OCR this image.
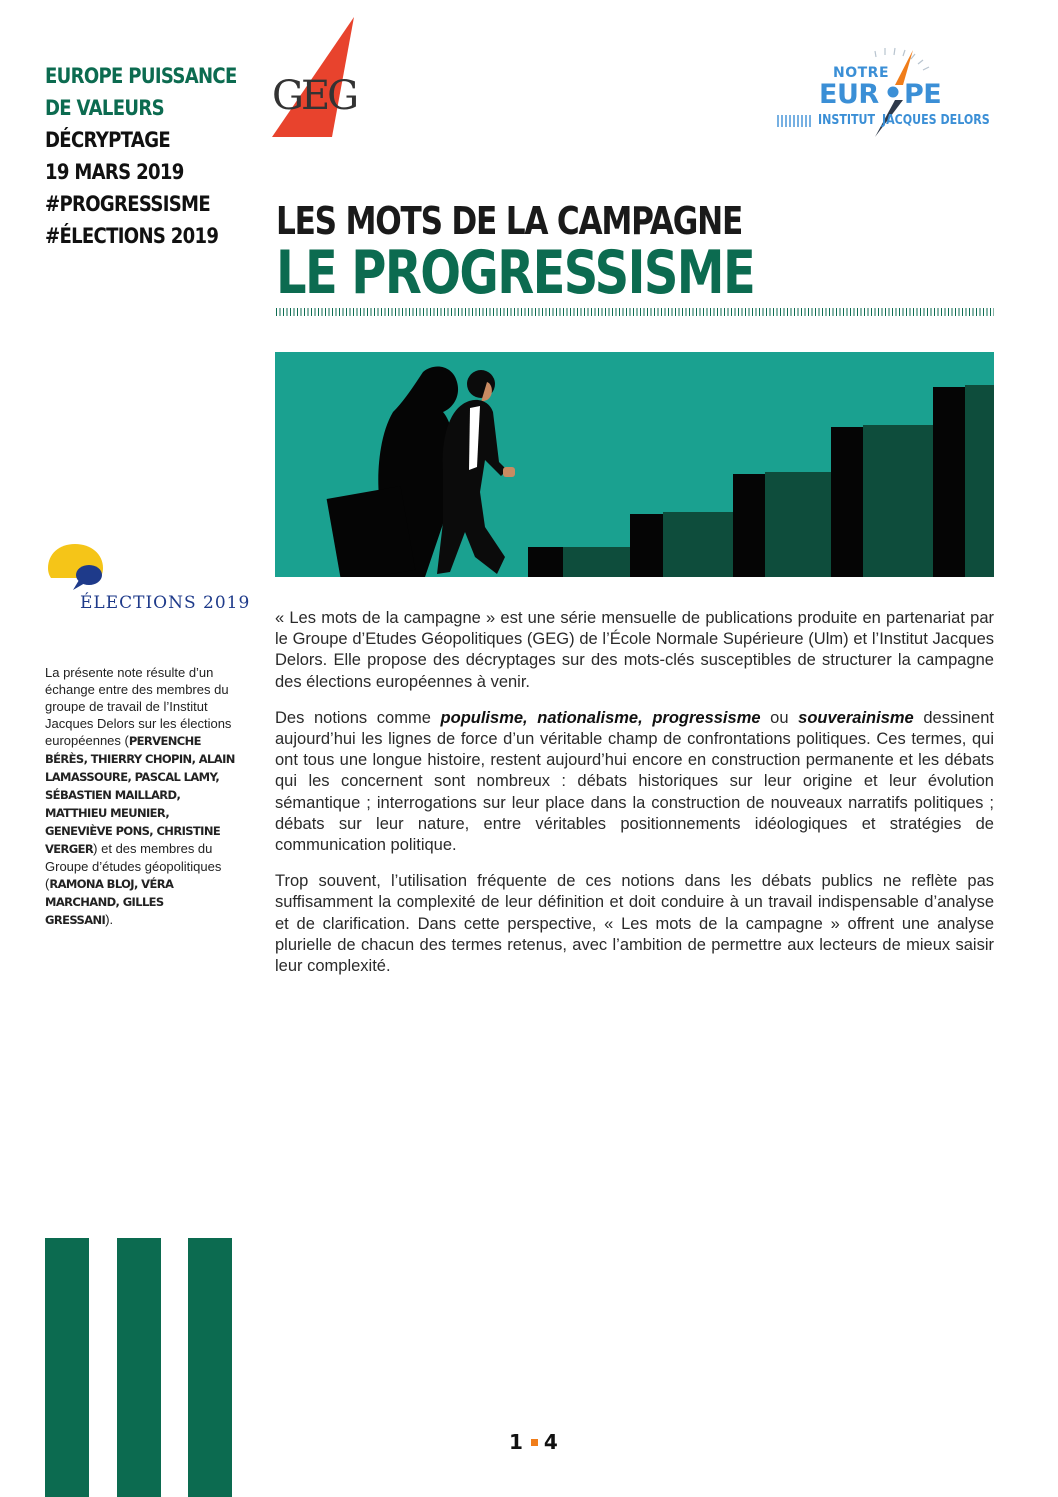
EUROPE PUISSANCE
DE VALEURS
DÉCRYPTAGE
19 MARS 2019
#PROGRESSISME
#ÉLECTIONS 2019
GEG	NOTRE
EUR PE
INSTITUT JACQUES DELORS
LES MOTS DE LA CAMPAGNE
LE PROGRESSISME
ÉLECTIONS 2019
La présente note résulte d’un échange entre des membres du groupe de travail de l’Institut Jacques Delors sur les élections européennes (PERVENCHE BÉRÈS, THIERRY CHOPIN, ALAIN LAMASSOURE, PASCAL LAMY, SÉBASTIEN MAILLARD, MATTHIEU MEUNIER, GENEVIÈVE PONS, CHRISTINE VERGER) et des membres du Groupe d’études géopolitiques (RAMONA BLOJ, VÉRA MARCHAND, GILLES GRESSANI).

« Les mots de la campagne » est une série mensuelle de publications produite en partenariat par le Groupe d’Etudes Géopolitiques (GEG) de l’École Normale Supérieure (Ulm) et l’Institut Jacques Delors. Elle propose des décryptages sur des mots-clés susceptibles de structurer la campagne des élections européennes à venir.

Des notions comme populisme, nationalisme, progressisme ou souverainisme dessinent aujourd’hui les lignes de force d’un véritable champ de confrontations politiques. Ces termes, qui ont tous une longue histoire, restent aujourd’hui encore en construction permanente et les débats qui les concernent sont nombreux : débats historiques sur leur origine et leur évolution sémantique ; interrogations sur leur place dans la construction de nouveaux narratifs politiques ; débats sur leur nature, entre véritables positionnements idéologiques et stratégies de communication politique.

Trop souvent, l’utilisation fréquente de ces notions dans les débats publics ne reflète pas suffisamment la complexité de leur définition et doit conduire à un travail indispensable d’analyse et de clarification. Dans cette perspective, « Les mots de la campagne » offrent une analyse plurielle de chacun des termes retenus, avec l’ambition de permettre aux lecteurs de mieux saisir leur complexité.

1 4
